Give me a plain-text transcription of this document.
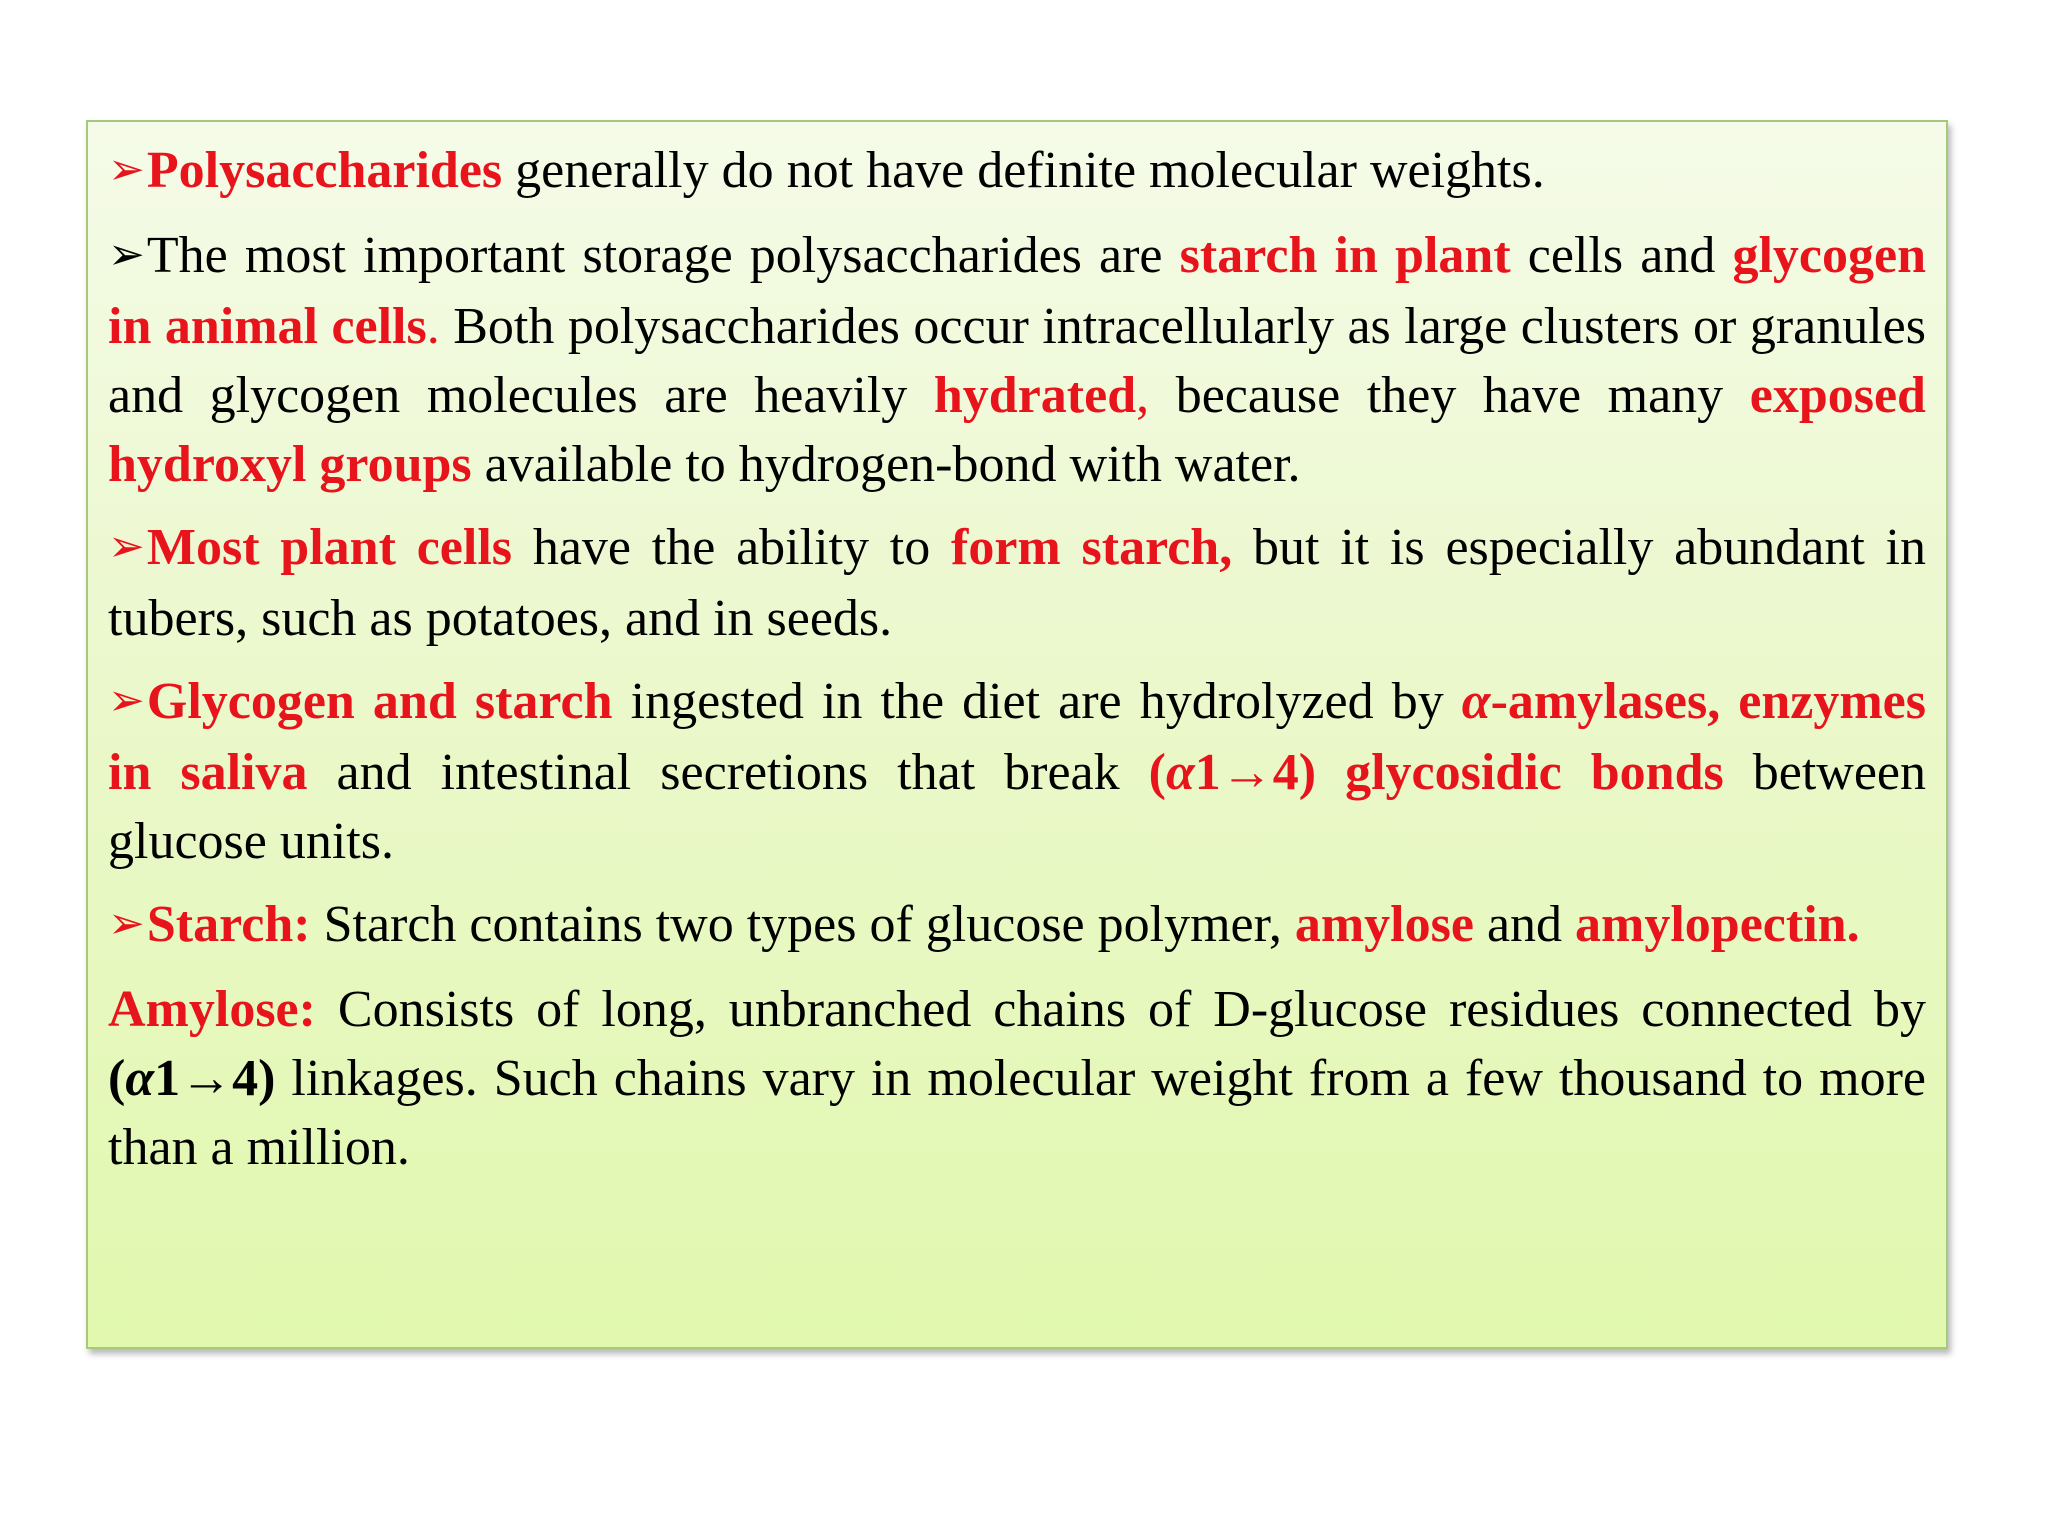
➢Polysaccharides generally do not have definite molecular weights.

➢The most important storage polysaccharides are starch in plant cells and glycogen in animal cells. Both polysaccharides occur intracellularly as large clusters or granules and glycogen molecules are heavily hydrated, because they have many exposed hydroxyl groups available to hydrogen-bond with water.

➢Most plant cells have the ability to form starch, but it is especially abundant in tubers, such as potatoes, and in seeds.

➢Glycogen and starch ingested in the diet are hydrolyzed by α-amylases, enzymes in saliva and intestinal secretions that break (α1→4) glycosidic bonds between glucose units.

➢Starch: Starch contains two types of glucose polymer, amylose and amylopectin.

Amylose: Consists of long, unbranched chains of D-glucose residues connected by (α1→4) linkages. Such chains vary in molecular weight from a few thousand to more than a million.
